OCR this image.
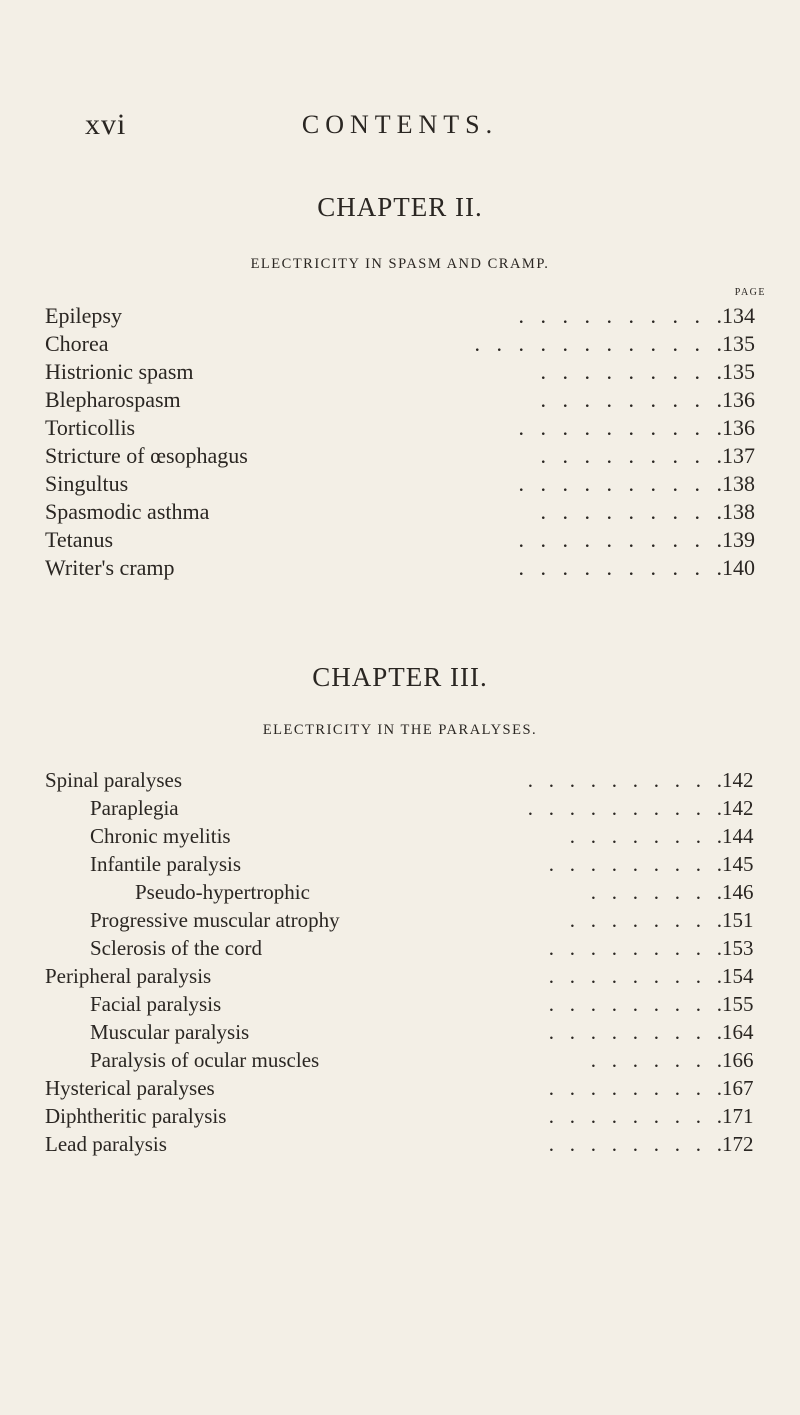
xvi	CONTENTS.
CHAPTER II.
ELECTRICITY IN SPASM AND CRAMP.
PAGE
Epilepsy	.   .   .   .   .   .   .   .   .   . 134
Chorea	.   .   .   .   .   .   .   .   .   .   .   . 135
Histrionic spasm	.   .   .   .   .   .   .   .   . 135
Blepharospasm	.   .   .   .   .   .   .   .   . 136
Torticollis	.   .   .   .   .   .   .   .   .   . 136
Stricture of œsophagus	.   .   .   .   .   .   .   .   . 137
Singultus	.   .   .   .   .   .   .   .   .   . 138
Spasmodic asthma	.   .   .   .   .   .   .   .   . 138
Tetanus	.   .   .   .   .   .   .   .   .   . 139
Writer's cramp	.   .   .   .   .   .   .   .   .   . 140
CHAPTER III.
ELECTRICITY IN THE PARALYSES.
Spinal paralyses	.   .   .   .   .   .   .   .   .   . 142
Paraplegia	.   .   .   .   .   .   .   .   .   . 142
Chronic myelitis	.   .   .   .   .   .   .   . 144
Infantile paralysis	.   .   .   .   .   .   .   .   . 145
Pseudo-hypertrophic	.   .   .   .   .   .   . 146
Progressive muscular atrophy	.   .   .   .   .   .   .   . 151
Sclerosis of the cord	.   .   .   .   .   .   .   .   . 153
Peripheral paralysis	.   .   .   .   .   .   .   .   . 154
Facial paralysis	.   .   .   .   .   .   .   .   . 155
Muscular paralysis	.   .   .   .   .   .   .   .   . 164
Paralysis of ocular muscles	.   .   .   .   .   .   . 166
Hysterical paralyses	.   .   .   .   .   .   .   .   . 167
Diphtheritic paralysis	.   .   .   .   .   .   .   .   . 171
Lead paralysis	.   .   .   .   .   .   .   .   . 172
